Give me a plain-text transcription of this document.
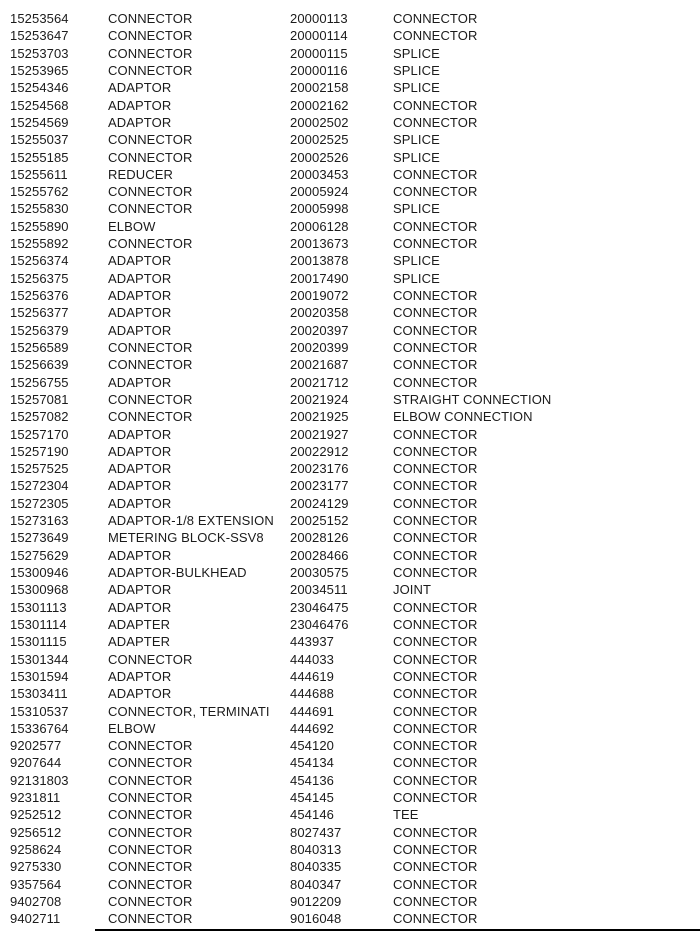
15253564	CONNECTOR	20000113	CONNECTOR
15253647	CONNECTOR	20000114	CONNECTOR
15253703	CONNECTOR	20000115	SPLICE
15253965	CONNECTOR	20000116	SPLICE
15254346	ADAPTOR	20002158	SPLICE
15254568	ADAPTOR	20002162	CONNECTOR
15254569	ADAPTOR	20002502	CONNECTOR
15255037	CONNECTOR	20002525	SPLICE
15255185	CONNECTOR	20002526	SPLICE
15255611	REDUCER	20003453	CONNECTOR
15255762	CONNECTOR	20005924	CONNECTOR
15255830	CONNECTOR	20005998	SPLICE
15255890	ELBOW	20006128	CONNECTOR
15255892	CONNECTOR	20013673	CONNECTOR
15256374	ADAPTOR	20013878	SPLICE
15256375	ADAPTOR	20017490	SPLICE
15256376	ADAPTOR	20019072	CONNECTOR
15256377	ADAPTOR	20020358	CONNECTOR
15256379	ADAPTOR	20020397	CONNECTOR
15256589	CONNECTOR	20020399	CONNECTOR
15256639	CONNECTOR	20021687	CONNECTOR
15256755	ADAPTOR	20021712	CONNECTOR
15257081	CONNECTOR	20021924	STRAIGHT CONNECTION
15257082	CONNECTOR	20021925	ELBOW CONNECTION
15257170	ADAPTOR	20021927	CONNECTOR
15257190	ADAPTOR	20022912	CONNECTOR
15257525	ADAPTOR	20023176	CONNECTOR
15272304	ADAPTOR	20023177	CONNECTOR
15272305	ADAPTOR	20024129	CONNECTOR
15273163	ADAPTOR-1/8 EXTENSION	20025152	CONNECTOR
15273649	METERING BLOCK-SSV8	20028126	CONNECTOR
15275629	ADAPTOR	20028466	CONNECTOR
15300946	ADAPTOR-BULKHEAD	20030575	CONNECTOR
15300968	ADAPTOR	20034511	JOINT
15301113	ADAPTOR	23046475	CONNECTOR
15301114	ADAPTER	23046476	CONNECTOR
15301115	ADAPTER	443937	CONNECTOR
15301344	CONNECTOR	444033	CONNECTOR
15301594	ADAPTOR	444619	CONNECTOR
15303411	ADAPTOR	444688	CONNECTOR
15310537	CONNECTOR, TERMINATI	444691	CONNECTOR
15336764	ELBOW	444692	CONNECTOR
9202577	CONNECTOR	454120	CONNECTOR
9207644	CONNECTOR	454134	CONNECTOR
92131803	CONNECTOR	454136	CONNECTOR
9231811	CONNECTOR	454145	CONNECTOR
9252512	CONNECTOR	454146	TEE
9256512	CONNECTOR	8027437	CONNECTOR
9258624	CONNECTOR	8040313	CONNECTOR
9275330	CONNECTOR	8040335	CONNECTOR
9357564	CONNECTOR	8040347	CONNECTOR
9402708	CONNECTOR	9012209	CONNECTOR
9402711	CONNECTOR	9016048	CONNECTOR
